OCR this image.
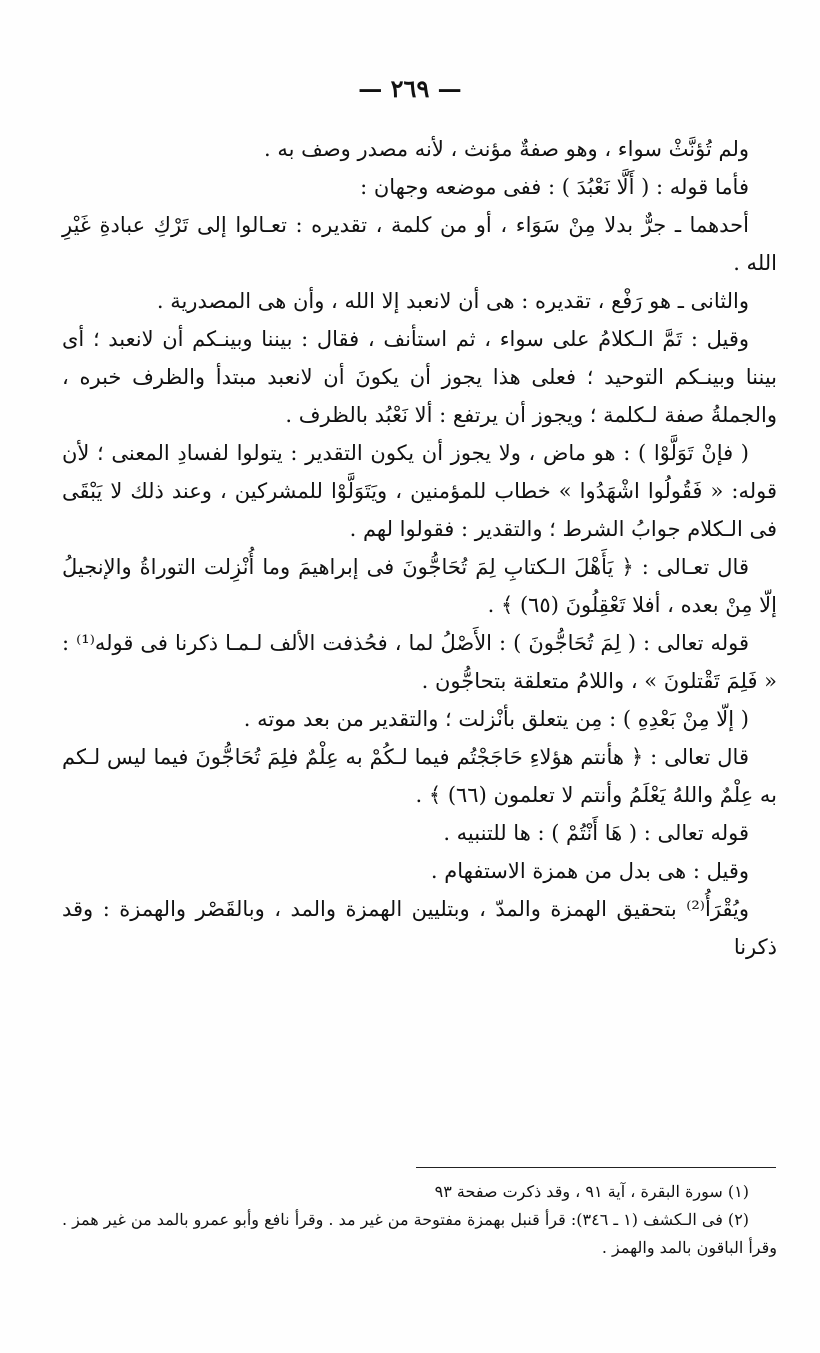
— ٢٦٩ —

ولم تُؤنَّثْ سواء ، وهو صفةٌ مؤنث ، لأنه مصدر وصف به .

فأما قوله : ( أَلَّا نَعْبُدَ ) : ففى موضعه وجهان :

أحدهما ـ جرٌّ بدلا مِنْ سَوَاء ، أو من كلمة ، تقديره : تعـالوا إلى تَرْكِ عبادةِ غَيْرِ الله .

والثانى ـ هو رَفْع ، تقديره : هى أن لانعبد إلا الله ، وأن هى المصدرية .

وقيل : تَمَّ الـكلامُ على سواء ، ثم استأنف ، فقال : بيننا وبينـكم أن لانعبد ؛ أى بيننا وبينـكم التوحيد ؛ فعلى هذا يجوز أن يكونَ أن لانعبد مبتدأ والظرف خبره ، والجملةُ صفة لـكلمة ؛ ويجوز أن يرتفع : ألا نَعْبُد بالظرف .

( فإنْ تَوَلَّوْا ) : هو ماض ، ولا يجوز أن يكون التقدير : يتولوا لفسادِ المعنى ؛ لأن قوله: « فَقُولُوا اشْهَدُوا » خطاب للمؤمنين ، ويَتَوَلَّوْا للمشركين ، وعند ذلك لا يَبْقَى فى الـكلام جوابُ الشرط ؛ والتقدير : فقولوا لهم .

قال تعـالى : ﴿ يَأَهْلَ الـكتابِ لِمَ تُحَاجُّونَ فى إبراهيمَ وما أُنْزِلت التوراةُ والإنجيلُ إلّا مِنْ بعده ، أفلا تَعْقِلُونَ (٦٥) ﴾ .

قوله تعالى : ( لِمَ تُحَاجُّونَ ) : الأَصْلُ لما ، فحُذفت الألف لـمـا ذكرنا فى قوله⁽¹⁾ : « فَلِمَ تَقْتلونَ » ، واللامُ متعلقة بتحاجُّون .

( إلّا مِنْ بَعْدِهِ ) : مِن يتعلق بأنْزلت ؛ والتقدير من بعد موته .

قال تعالى : ﴿ هأنتم هؤلاءِ حَاجَجْتُم فيما لـكُمْ به عِلْمٌ فلِمَ تُحَاجُّونَ فيما ليس لـكم به عِلْمٌ واللهُ يَعْلَمُ وأنتم لا تعلمون (٦٦) ﴾ .

قوله تعالى : ( هَا أَنْتُمْ ) : ها للتنبيه .

وقيل : هى بدل من همزة الاستفهام .

ويُقْرَأُ⁽²⁾ بتحقيق الهمزة والمدّ ، وبتليين الهمزة والمد ، وبالقَصْر والهمزة : وقد ذكرنا

(١) سورة البقرة ، آية ٩١ ، وقد ذكرت صفحة ٩٣

(٢) فى الـكشف (١ ـ ٣٤٦): قرأ قنبل بهمزة مفتوحة من غير مد . وقرأ نافع وأبو عمرو بالمد من غير همز . وقرأ الباقون بالمد والهمز .
